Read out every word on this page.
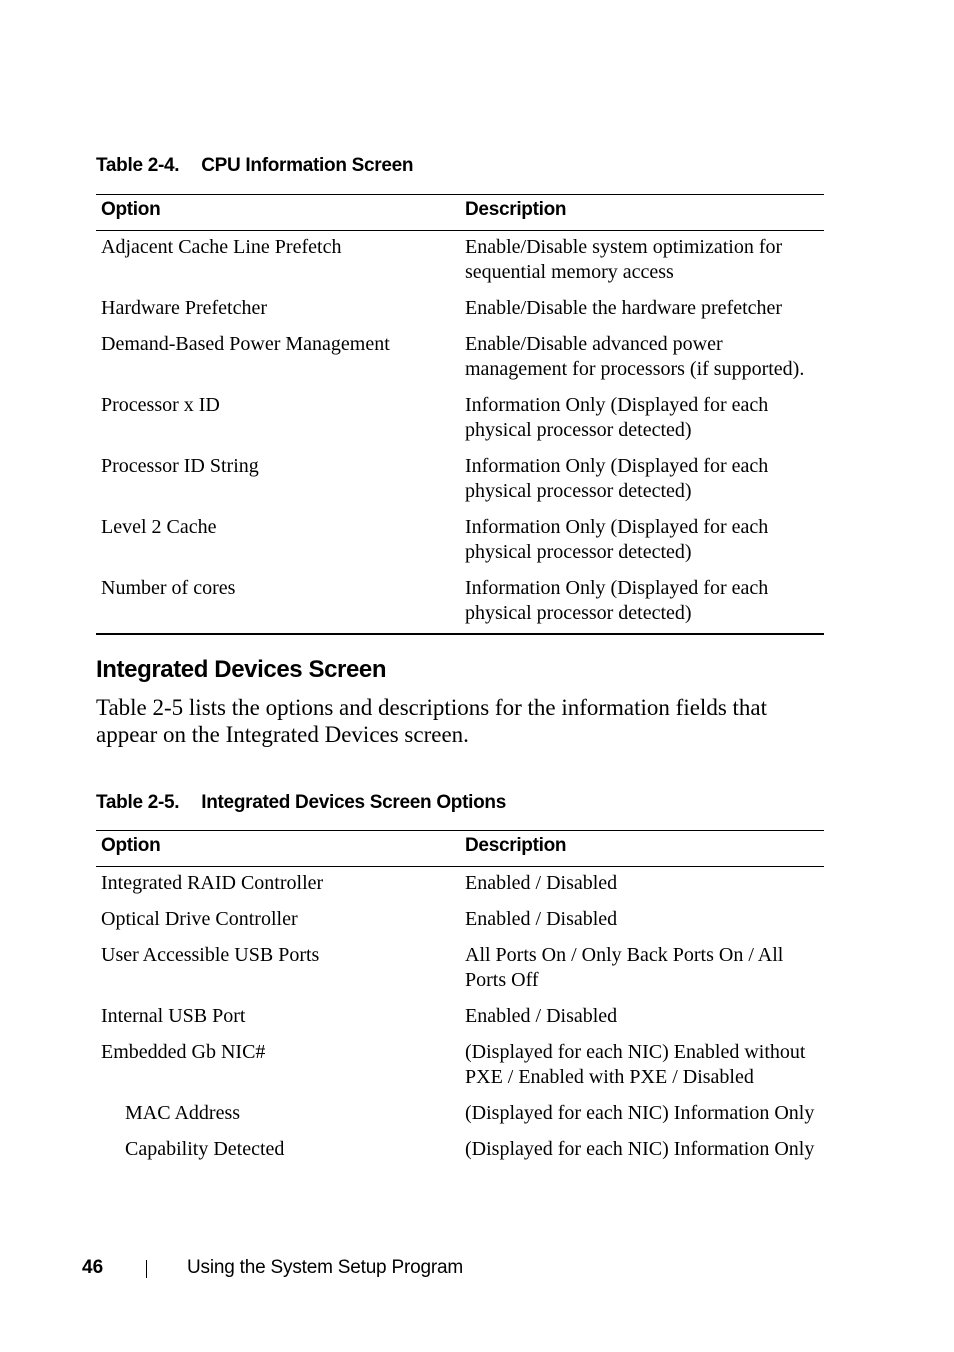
Table 2-4. CPU Information Screen
Option	Description
Adjacent Cache Line Prefetch	Enable/Disable system optimization for sequential memory access
Hardware Prefetcher	Enable/Disable the hardware prefetcher
Demand-Based Power Management	Enable/Disable advanced power management for processors (if supported).
Processor x ID	Information Only (Displayed for each physical processor detected)
Processor ID String	Information Only (Displayed for each physical processor detected)
Level 2 Cache	Information Only (Displayed for each physical processor detected)
Number of cores	Information Only (Displayed for each physical processor detected)
Integrated Devices Screen

Table 2-5 lists the options and descriptions for the information fields that appear on the Integrated Devices screen.

Table 2-5. Integrated Devices Screen Options
Option	Description
Integrated RAID Controller	Enabled / Disabled
Optical Drive Controller	Enabled / Disabled
User Accessible USB Ports	All Ports On / Only Back Ports On / All Ports Off
Internal USB Port	Enabled / Disabled
Embedded Gb NIC#	(Displayed for each NIC) Enabled without PXE / Enabled with PXE / Disabled
MAC Address	(Displayed for each NIC) Information Only
Capability Detected	(Displayed for each NIC) Information Only
46	Using the System Setup Program
